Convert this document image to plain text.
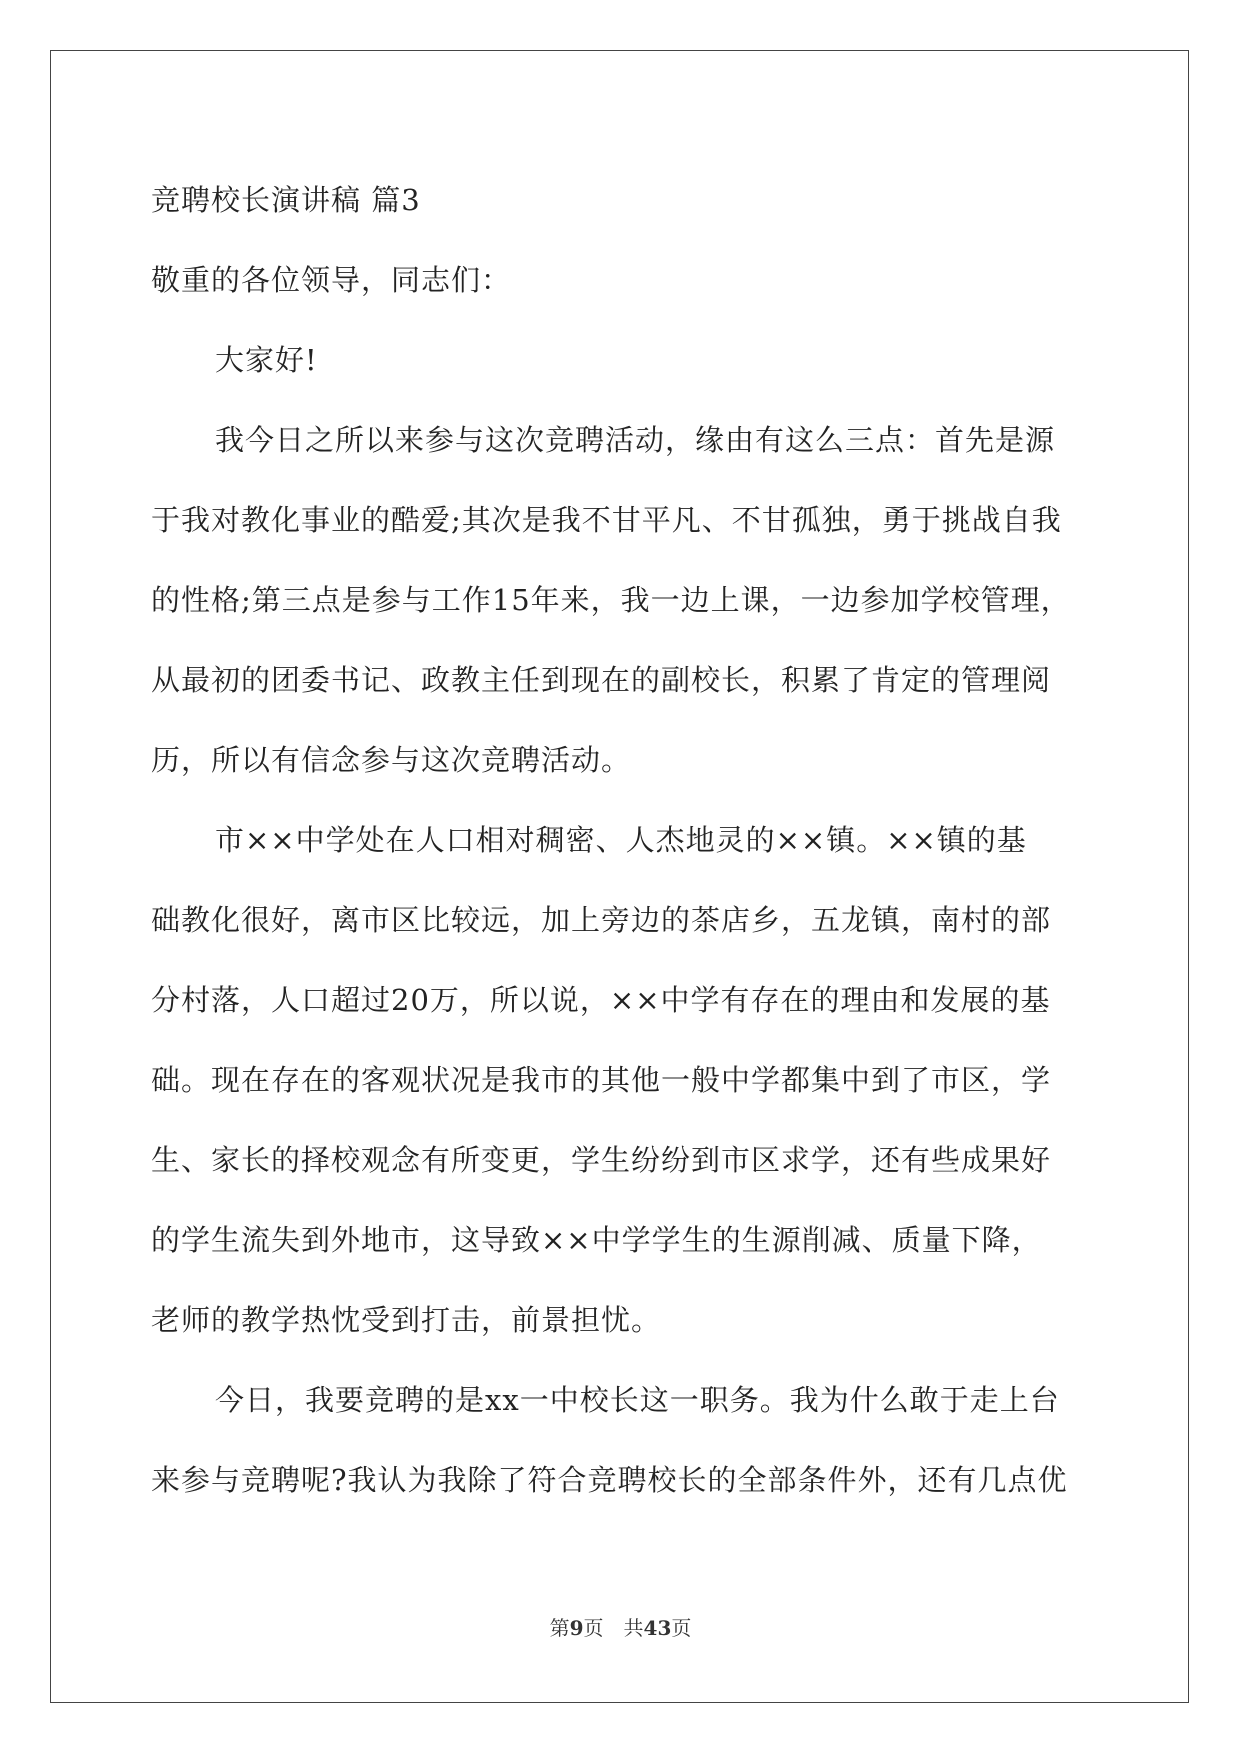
竞聘校长演讲稿 篇3
敬重的各位领导，同志们：
大家好!
我今日之所以来参与这次竞聘活动，缘由有这么三点：首先是源
于我对教化事业的酷爱;其次是我不甘平凡、不甘孤独，勇于挑战自我
的性格;第三点是参与工作15年来，我一边上课，一边参加学校管理，
从最初的团委书记、政教主任到现在的副校长，积累了肯定的管理阅
历，所以有信念参与这次竞聘活动。
市××中学处在人口相对稠密、人杰地灵的××镇。××镇的基
础教化很好，离市区比较远，加上旁边的茶店乡，五龙镇，南村的部
分村落，人口超过20万，所以说，××中学有存在的理由和发展的基
础。现在存在的客观状况是我市的其他一般中学都集中到了市区，学
生、家长的择校观念有所变更，学生纷纷到市区求学，还有些成果好
的学生流失到外地市，这导致××中学学生的生源削减、质量下降，
老师的教学热忱受到打击，前景担忧。
今日，我要竞聘的是xx一中校长这一职务。我为什么敢于走上台
来参与竞聘呢?我认为我除了符合竞聘校长的全部条件外，还有几点优
第9页　共43页
